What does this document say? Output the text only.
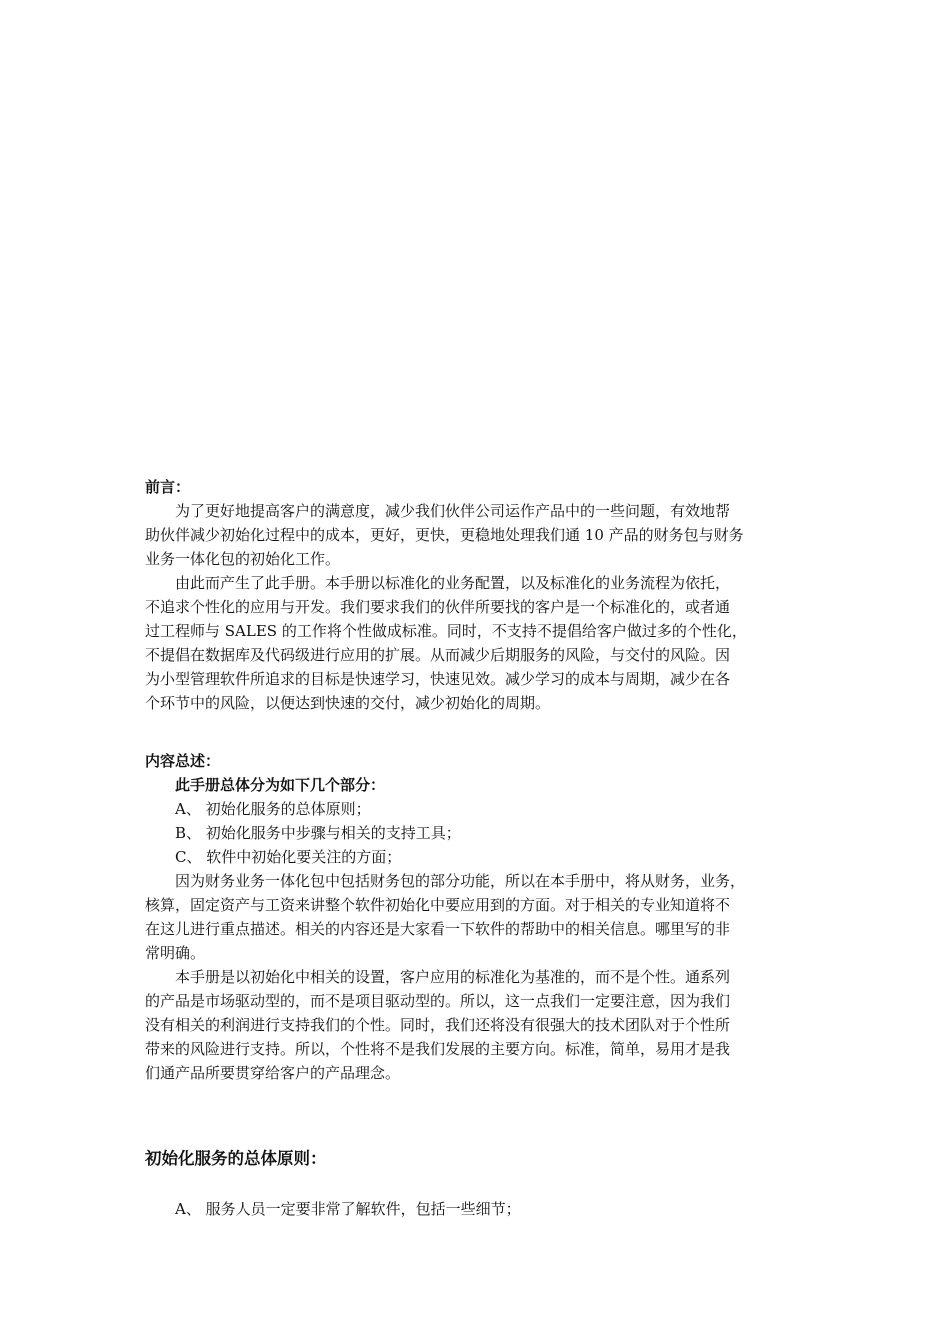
前言：
为了更好地提高客户的满意度，减少我们伙伴公司运作产品中的一些问题，有效地帮
助伙伴减少初始化过程中的成本，更好，更快，更稳地处理我们通 10 产品的财务包与财务
业务一体化包的初始化工作。
由此而产生了此手册。本手册以标准化的业务配置，以及标准化的业务流程为依托，
不追求个性化的应用与开发。我们要求我们的伙伴所要找的客户是一个标准化的，或者通
过工程师与 SALES 的工作将个性做成标准。同时，不支持不提倡给客户做过多的个性化，
不提倡在数据库及代码级进行应用的扩展。从而减少后期服务的风险，与交付的风险。因
为小型管理软件所追求的目标是快速学习，快速见效。减少学习的成本与周期，减少在各
个环节中的风险，以便达到快速的交付，减少初始化的周期。
内容总述：
此手册总体分为如下几个部分：
A、 初始化服务的总体原则；
B、 初始化服务中步骤与相关的支持工具；
C、 软件中初始化要关注的方面；
因为财务业务一体化包中包括财务包的部分功能，所以在本手册中，将从财务，业务，
核算，固定资产与工资来讲整个软件初始化中要应用到的方面。对于相关的专业知道将不
在这儿进行重点描述。相关的内容还是大家看一下软件的帮助中的相关信息。哪里写的非
常明确。
本手册是以初始化中相关的设置，客户应用的标准化为基准的，而不是个性。通系列
的产品是市场驱动型的，而不是项目驱动型的。所以，这一点我们一定要注意，因为我们
没有相关的利润进行支持我们的个性。同时，我们还将没有很强大的技术团队对于个性所
带来的风险进行支持。所以，个性将不是我们发展的主要方向。标准，简单，易用才是我
们通产品所要贯穿给客户的产品理念。
初始化服务的总体原则：
A、 服务人员一定要非常了解软件，包括一些细节；
